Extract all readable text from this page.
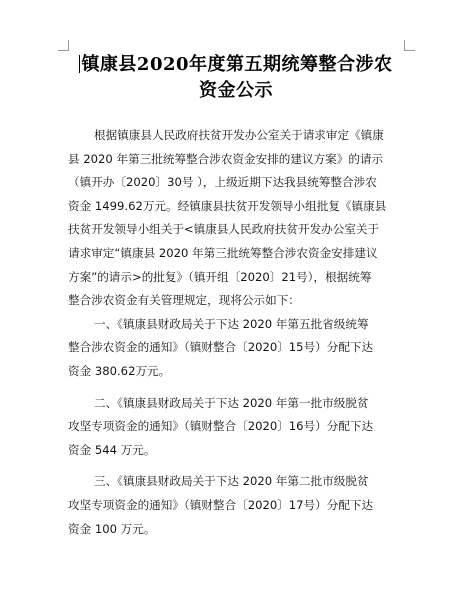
镇康县2020年度第五期统筹整合涉农
资金公示
根据镇康县人民政府扶贫开发办公室关于请求审定《镇康
县 2020 年第三批统筹整合涉农资金安排的建议方案》的请示
（镇开办〔2020〕30号 ），上级近期下达我县统筹整合涉农
资金 1499.62万元。经镇康县扶贫开发领导小组批复《镇康县
扶贫开发领导小组关于<镇康县人民政府扶贫开发办公室关于
请求审定“镇康县 2020 年第三批统筹整合涉农资金安排建议
方案”的请示>的批复》（镇开组〔2020〕21号），根据统筹
整合涉农资金有关管理规定，现将公示如下：
一、《镇康县财政局关于下达 2020 年第五批省级统筹
整合涉农资金的通知》（镇财整合〔2020〕15号）分配下达
资金 380.62万元。
二、《镇康县财政局关于下达 2020 年第一批市级脱贫
攻坚专项资金的通知》（镇财整合〔2020〕16号）分配下达
资金 544 万元。
三、《镇康县财政局关于下达 2020 年第二批市级脱贫
攻坚专项资金的通知》（镇财整合〔2020〕17号）分配下达
资金 100 万元。
